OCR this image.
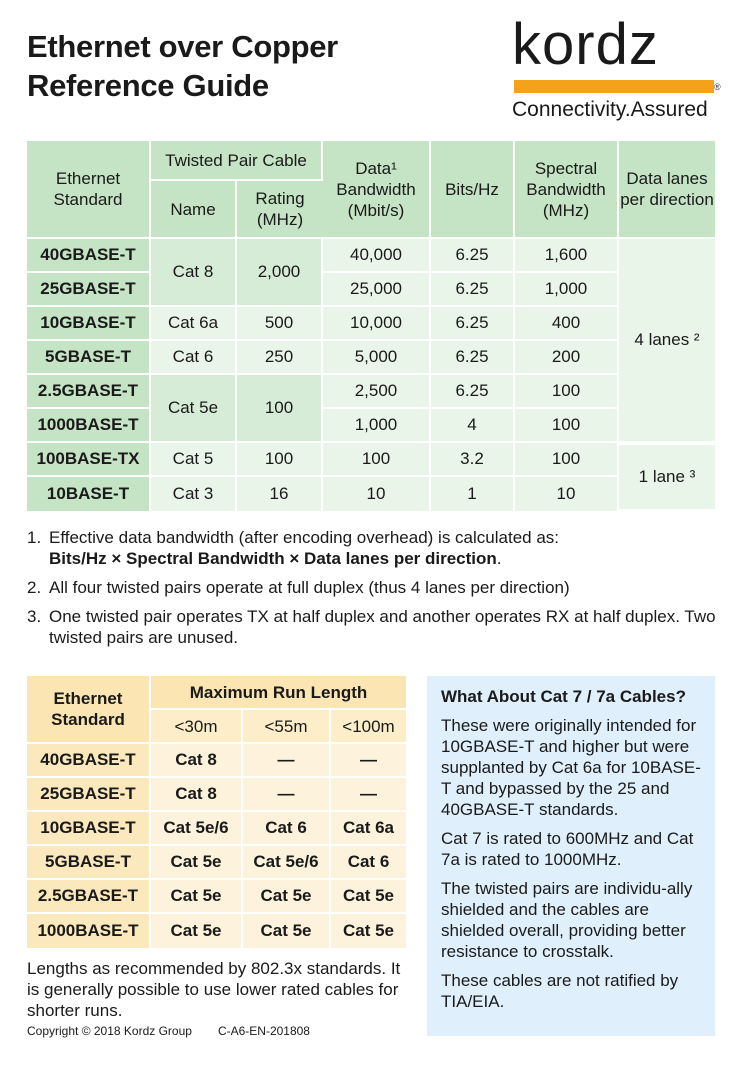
Ethernet over Copper
Reference Guide
kordz
®
Connectivity.Assured
Ethernet Standard	Twisted Pair Cable		Data¹ Bandwidth (Mbit/s)	Bits/Hz	Spectral Bandwidth (MHz)	Data lanes per direction
	Name	Rating (MHz)				
40GBASE-T	Cat 8	2,000	40,000	6.25	1,600	4 lanes ²
25GBASE-T			25,000	6.25	1,000	
10GBASE-T	Cat 6a	500	10,000	6.25	400	
5GBASE-T	Cat 6	250	5,000	6.25	200	
2.5GBASE-T	Cat 5e	100	2,500	6.25	100	
1000BASE-T			1,000	4	100	
100BASE-TX	Cat 5	100	100	3.2	100	1 lane ³
10BASE-T	Cat 3	16	10	1	10	
1. Effective data bandwidth (after encoding overhead) is calculated as:
Bits/Hz × Spectral Bandwidth × Data lanes per direction.
2. All four twisted pairs operate at full duplex (thus 4 lanes per direction)
3. One twisted pair operates TX at half duplex and another operates RX at half duplex. Two twisted pairs are unused.
Ethernet Standard	Maximum Run Length		
	<30m	<55m	<100m
40GBASE-T	Cat 8	—	—
25GBASE-T	Cat 8	—	—
10GBASE-T	Cat 5e/6	Cat 6	Cat 6a
5GBASE-T	Cat 5e	Cat 5e/6	Cat 6
2.5GBASE-T	Cat 5e	Cat 5e	Cat 5e
1000BASE-T	Cat 5e	Cat 5e	Cat 5e
Lengths as recommended by 802.3x standards. It is generally possible to use lower rated cables for shorter runs.
Copyright © 2018 Kordz Group C-A6-EN-201808
What About Cat 7 / 7a Cables?

These were originally intended for 10GBASE-T and higher but were supplanted by Cat 6a for 10BASE-T and bypassed by the 25 and 40GBASE-T standards.

Cat 7 is rated to 600MHz and Cat 7a is rated to 1000MHz.

The twisted pairs are individu-ally shielded and the cables are shielded overall, providing better resistance to crosstalk.

These cables are not ratified by TIA/EIA.
